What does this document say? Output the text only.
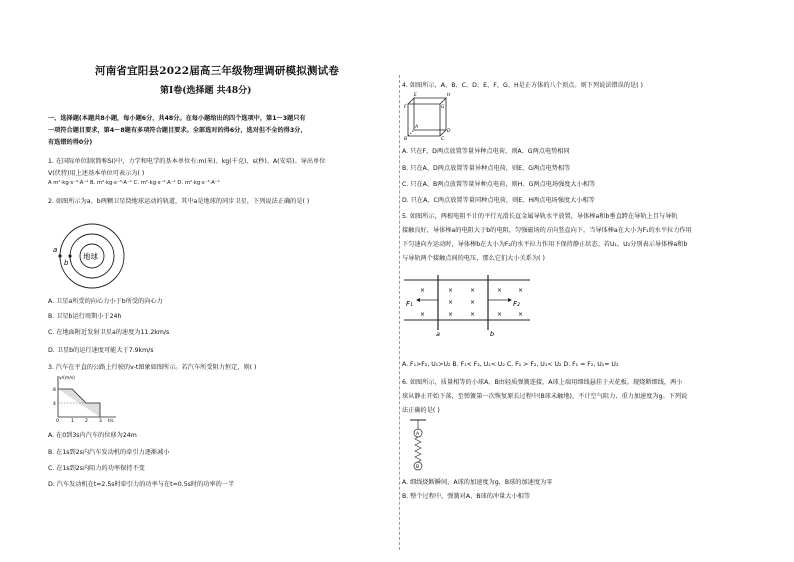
河南省宜阳县2022届高三年级物理调研模拟测试卷
第Ⅰ卷(选择题 共48分)
一、选择题(本题共8小题，每小题6分，共48分。在每小题给出的四个选项中，第1～3题只有
一项符合题目要求，第4～8题有多项符合题目要求。全部选对的得6分，选对但不全的得3分，
有选错的得0分)
1. 在国际单位制(简称SI)中，力学和电学的基本单位有:m(米)、kg(千克)、s(秒)、A(安培)。导出单位
V(伏特)用上述基本单位可表示为( )
A m²·kg·s⁻⁴·A⁻¹ B. m²·kg·s⁻³·A⁻¹ C. m²·kg·s⁻²·A⁻¹ D. m²·kg·s⁻¹·A⁻¹
2. 如图所示为a、b两颗卫星绕地球运动的轨道，其中a是地球的同步卫星，下列说法正确的是( )
a
b
地球
A. 卫星a所受的向心力小于b所受的向心力
B. 卫星b运行周期小于24h
C. 在地面附近发射卫星a的速度为11.2km/s
D. 卫星b的运行速度可能大于7.9km/s
3. 汽车在平直的公路上行驶的v-t图象如图所示。若汽车所受阻力恒定，则( )
v/(m/s)
t/s
8
4
0	1 2 3
A. 在0到3s内汽车的位移为24m
B. 在1s到2s内汽车发动机的牵引力逐渐减小
C. 在1s到2s内阻力的功率保持不变
D. 汽车发动机在t=2.5s时牵引力的功率与在t=0.5s时的功率的一半
4. 如图所示，A、B、C、D、E、F、G、H是正方体的八个顶点。则下列说法错误的是( )
E	H
F	G
A
D
B	C
A. 只在F、D两点放置等量异种点电荷，则A、G两点电势相同
B. 只在A、D两点放置等量异种点电荷，则E、G两点电势相等
C. 只在A、B两点放置等量异种点电荷，则H、G两点电场强度大小相等
D. 只在A、C两点放置等量同种点电荷，则E、H两点电场强度大小相等
5. 如图所示，两根电阻不计的平行光滑长直金属导轨水平放置，导体棒a和b垂直跨在导轨上且与导轨
接触良好，导体棒a的电阻大于b的电阻，匀强磁场的方向竖直向下。当导体棒a在大小为F₁的水平拉力作用
下匀速向左运动时，导体棒b在大小为F₂的水平拉力作用下保持静止状态。若U₁、U₂分别表示导体棒a和b
与导轨两个接触点间的电压，那么它们大小关系为( )
×	×	×	×	×
×	×
×	×	×	×	×
F₁	F₂
a	b
A. F₁>F₂, U₁>U₂ B. F₁< F₂, U₁< U₂ C. F₁ > F₂, U₁< U₂ D. F₁ = F₂, U₁= U₂
6. 如图所示，质量相等的小球A、B由轻质弹簧连接，A球上端用细线悬挂于天花板。现烧断细线，两小
球从静止开始下落，至弹簧第一次恢复原长过程中(B球未触地)，不计空气阻力，重力加速度为g。下列说
法正确的是( )
A
B
A. 细线烧断瞬间，A球的加速度为g，B球的加速度为零
B. 整个过程中，弹簧对A、B球的冲量大小相等
